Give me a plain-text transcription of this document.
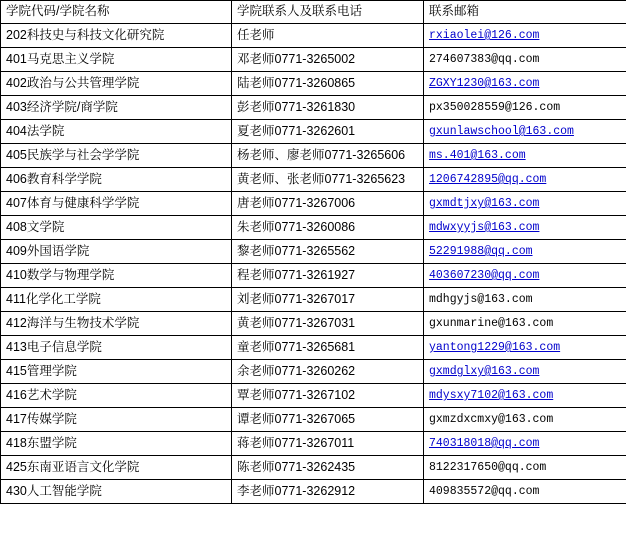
学院代码/学院名称	学院联系人及联系电话	联系邮箱
202科技史与科技文化研究院	任老师	rxiaolei@126.com
401马克思主义学院	邓老师0771-3265002	274607383@qq.com
402政治与公共管理学院	陆老师0771-3260865	ZGXY1230@163.com
403经济学院/商学院	彭老师0771-3261830	px350028559@126.com
404法学院	夏老师0771-3262601	gxunlawschool@163.com
405民族学与社会学学院	杨老师、廖老师0771-3265606	ms.401@163.com
406教育科学学院	黄老师、张老师0771-3265623	1206742895@qq.com
407体育与健康科学学院	唐老师0771-3267006	gxmdtjxy@163.com
408文学院	朱老师0771-3260086	mdwxyyjs@163.com
409外国语学院	黎老师0771-3265562	52291988@qq.com
410数学与物理学院	程老师0771-3261927	403607230@qq.com
411化学化工学院	刘老师0771-3267017	mdhgyjs@163.com
412海洋与生物技术学院	黄老师0771-3267031	gxunmarine@163.com
413电子信息学院	童老师0771-3265681	yantong1229@163.com
415管理学院	余老师0771-3260262	gxmdglxy@163.com
416艺术学院	覃老师0771-3267102	mdysxy7102@163.com
417传媒学院	谭老师0771-3267065	gxmzdxcmxy@163.com
418东盟学院	蒋老师0771-3267011	740318018@qq.com
425东南亚语言文化学院	陈老师0771-3262435	8122317650@qq.com
430人工智能学院	李老师0771-3262912	409835572@qq.com
